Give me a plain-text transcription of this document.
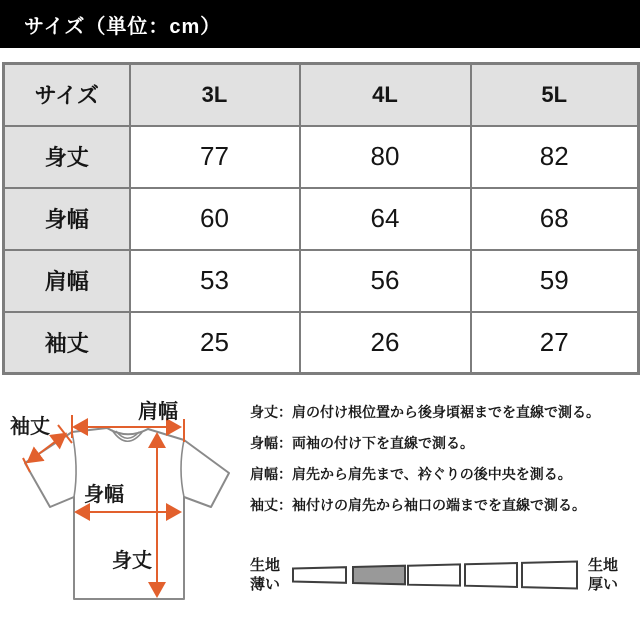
サイズ（単位：cm）
サイズ	3L	4L	5L
身丈	77	80	82
身幅	60	64	68
肩幅	53	56	59
袖丈	25	26	27
肩幅
袖丈
身幅
身丈
身丈：肩の付け根位置から後身頃裾までを直線で測る。
身幅：両袖の付け下を直線で測る。
肩幅：肩先から肩先まで、衿ぐりの後中央を測る。
袖丈：袖付けの肩先から袖口の端までを直線で測る。
生地
薄い
生地
厚い
